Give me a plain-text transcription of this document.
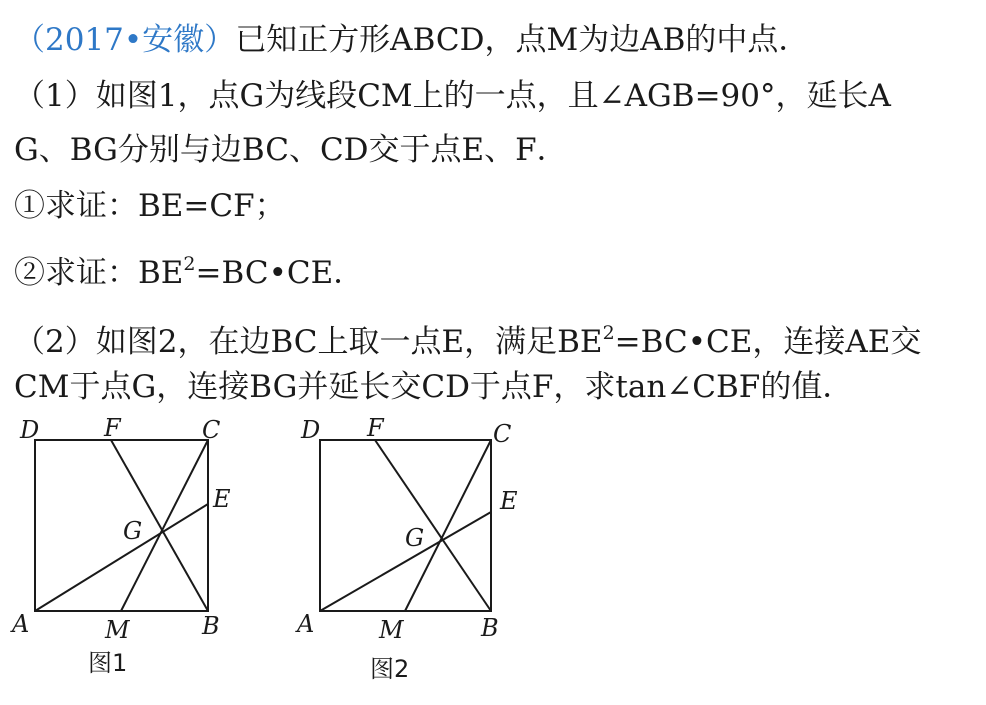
（2017•安徽）已知正方形ABCD，点M为边AB的中点．
（1）如图1，点G为线段CM上的一点，且∠AGB=90°，延长A
G、BG分别与边BC、CD交于点E、F．
①求证：BE=CF；
②求证：$BE^2=BC•CE$．
（2）如图2，在边BC上取一点E，满足$BE^2=BC•CE$，连接AE交
CM于点G，连接BG并延长交CD于点F，求tan∠CBF的值．
D	F	C
E
G
A	M	B
图1
D F	C
E
G
A	M	B
图2
